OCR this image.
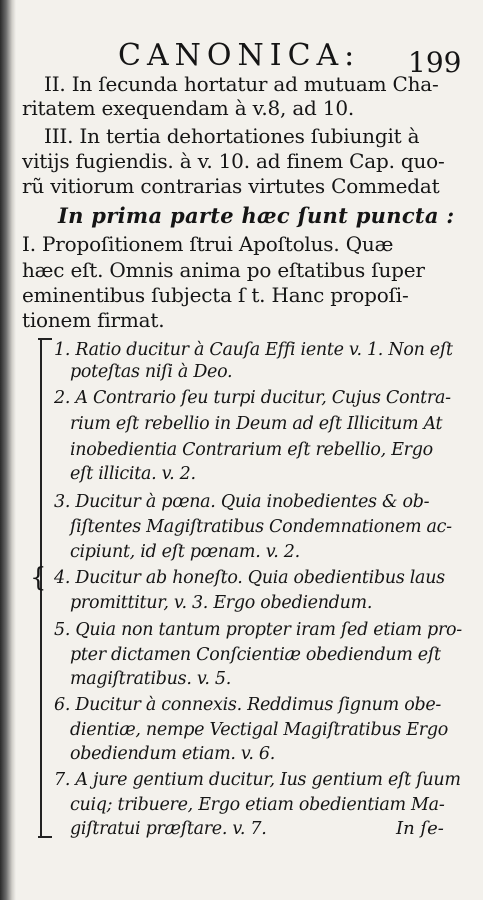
CANONICA: 199
II. In ſecunda hortatur ad mutuam Cha-
ritatem exequendam à v.8, ad 10.
III. In tertia dehortationes ſubiungit à
vitijs fugiendis. à v. 10. ad finem Cap. quo-
rũ vitiorum contrarias virtutes Commedat
In prima parte hæc ſunt puncta :
I. Propoſitionem ſtrui Apoſtolus. Quæ
hæc eſt. Omnis anima po eſtatibus ſuper
eminentibus ſubjecta ſ t. Hanc propoſi-
tionem firmat.
{
1. Ratio ducitur à Cauſa Effi iente v. 1. Non eſt
poteſtas niſi à Deo.
2. A Contrario ſeu turpi ducitur, Cujus Contra-
rium eſt rebellio in Deum ad eſt Illicitum At
inobedientia Contrarium eſt rebellio, Ergo
eſt illicita. v. 2.
3. Ducitur à pœna. Quia inobedientes & ob-
ſiſtentes Magiſtratibus Condemnationem ac-
cipiunt, id eſt pœnam. v. 2.
4. Ducitur ab honeſto. Quia obedientibus laus
promittitur, v. 3. Ergo obediendum.
5. Quia non tantum propter iram ſed etiam pro-
pter dictamen Conſcientiæ obediendum eſt
magiſtratibus. v. 5.
6. Ducitur à connexis. Reddimus ſignum obe-
dientiæ, nempe Vectigal Magiſtratibus Ergo
obediendum etiam. v. 6.
7. A jure gentium ducitur, Ius gentium eſt ſuum
cuiq; tribuere, Ergo etiam obedientiam Ma-
giſtratui præſtare. v. 7.	In ſe-
